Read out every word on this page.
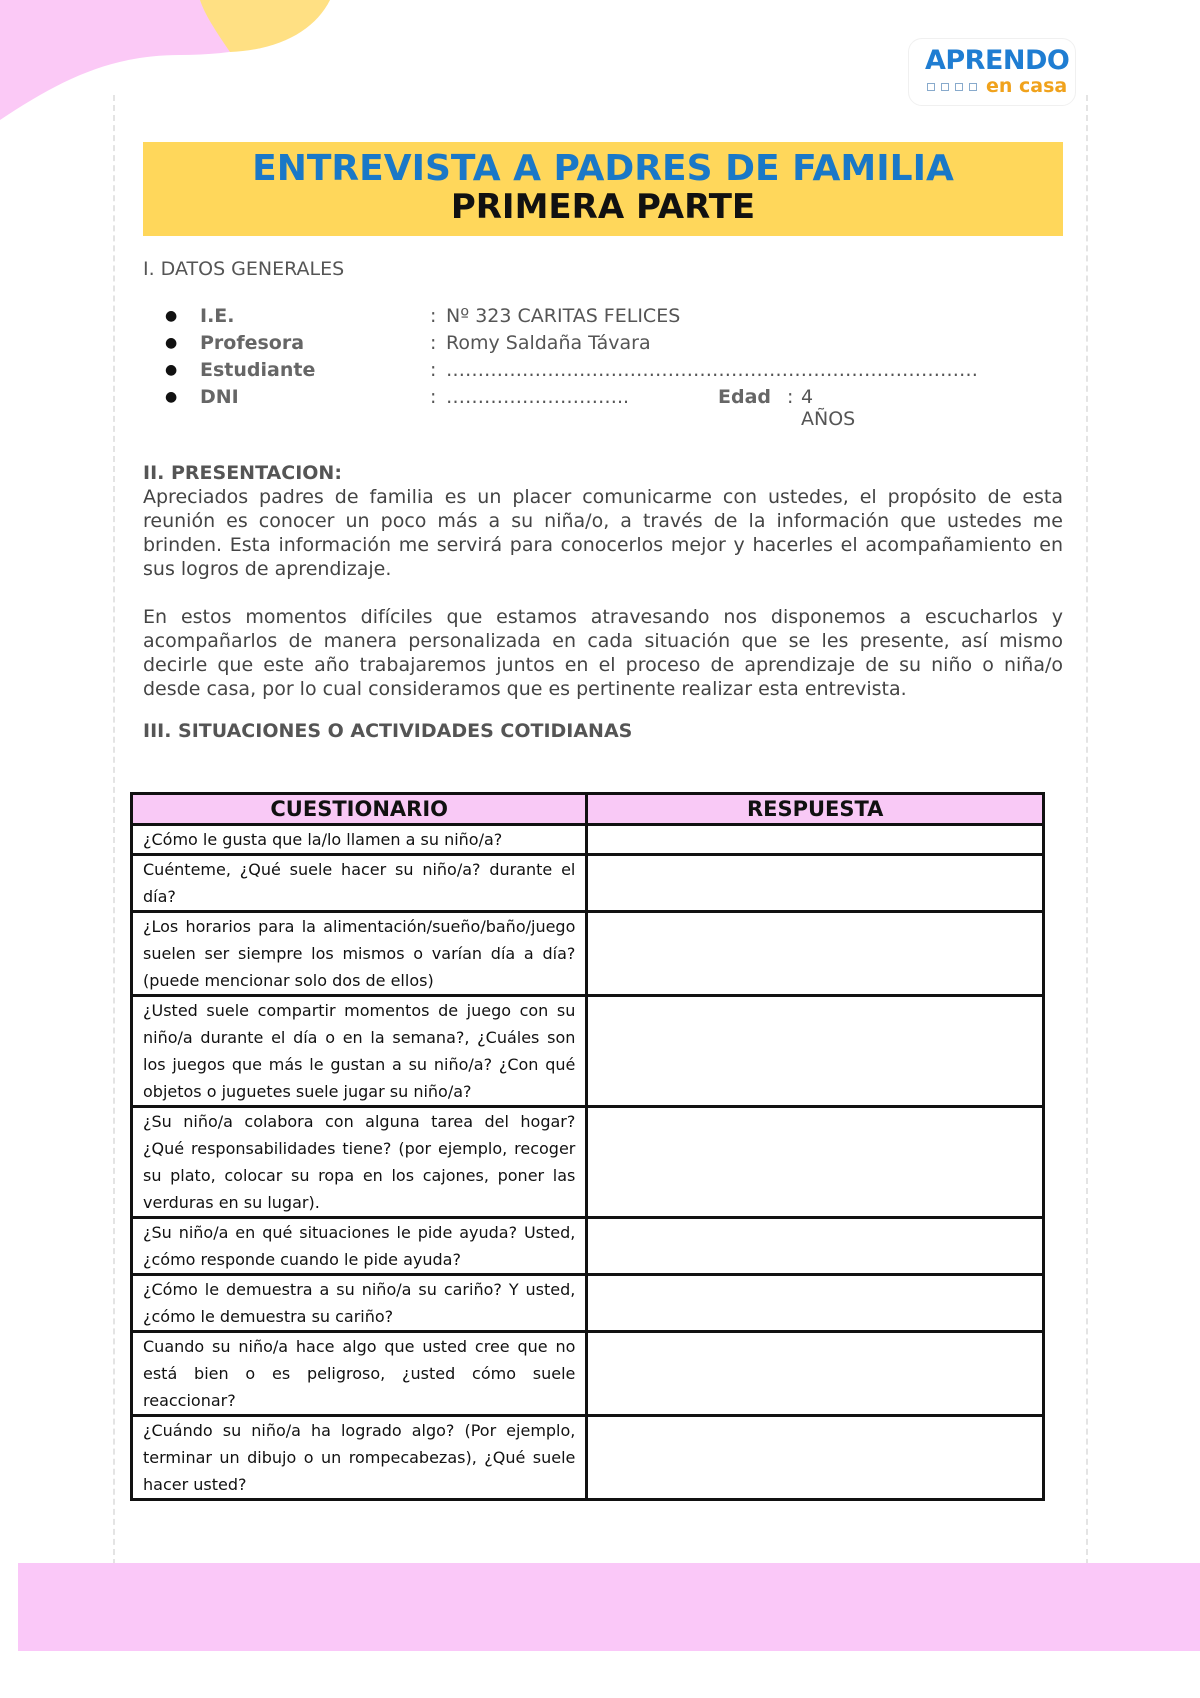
APRENDO
en casa
ENTREVISTA A PADRES DE FAMILIA
PRIMERA PARTE
I. DATOS GENERALES
● I.E.	: Nº 323 CARITAS FELICES
● Profesora	: Romy Saldaña Távara
● Estudiante	: …………………………………………………………………………
● DNI	: ………………………..	Edad : 4 AÑOS

II. PRESENTACION:

Apreciados padres de familia es un placer comunicarme con ustedes, el propósito de esta reunión es conocer un poco más a su niña/o, a través de la información que ustedes me brinden. Esta información me servirá para conocerlos mejor y hacerles el acompañamiento en sus logros de aprendizaje.

En estos momentos difíciles que estamos atravesando nos disponemos a escucharlos y acompañarlos de manera personalizada en cada situación que se les presente, así mismo decirle que este año trabajaremos juntos en el proceso de aprendizaje de su niño o niña/o desde casa, por lo cual consideramos que es pertinente realizar esta entrevista.

III. SITUACIONES O ACTIVIDADES COTIDIANAS
CUESTIONARIO	RESPUESTA
¿Cómo le gusta que la/lo llamen a su niño/a?	
Cuénteme, ¿Qué suele hacer su niño/a? durante el día?	
¿Los horarios para la alimentación/sueño/baño/juego suelen ser siempre los mismos o varían día a día? (puede mencionar solo dos de ellos)	
¿Usted suele compartir momentos de juego con su niño/a durante el día o en la semana?, ¿Cuáles son los juegos que más le gustan a su niño/a? ¿Con qué objetos o juguetes suele jugar su niño/a?	
¿Su niño/a colabora con alguna tarea del hogar? ¿Qué responsabilidades tiene? (por ejemplo, recoger su plato, colocar su ropa en los cajones, poner las verduras en su lugar).	
¿Su niño/a en qué situaciones le pide ayuda? Usted, ¿cómo responde cuando le pide ayuda?	
¿Cómo le demuestra a su niño/a su cariño? Y usted, ¿cómo le demuestra su cariño?	
Cuando su niño/a hace algo que usted cree que no está bien o es peligroso, ¿usted cómo suele reaccionar?	
¿Cuándo su niño/a ha logrado algo? (Por ejemplo, terminar un dibujo o un rompecabezas), ¿Qué suele hacer usted?	
